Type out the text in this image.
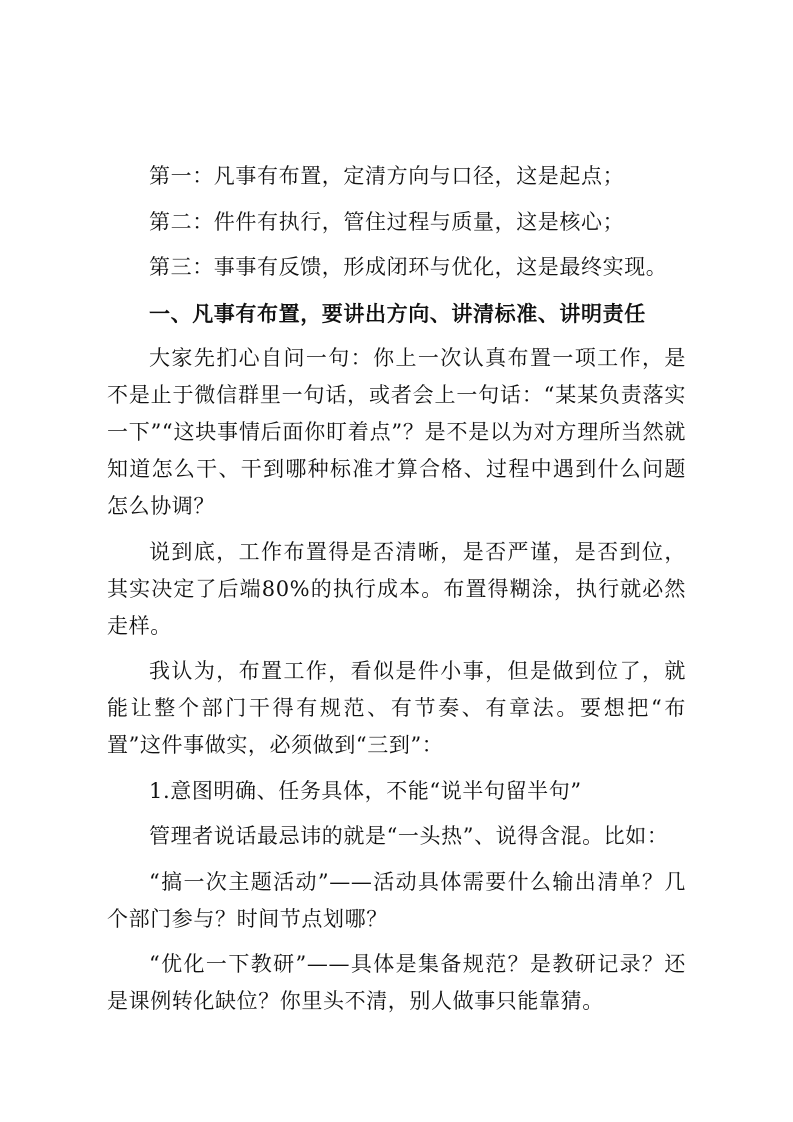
第一：凡事有布置，定清方向与口径，这是起点；

第二：件件有执行，管住过程与质量，这是核心；

第三：事事有反馈，形成闭环与优化，这是最终实现。

一、凡事有布置，要讲出方向、讲清标准、讲明责任

大家先扪心自问一句：你上一次认真布置一项工作，是不是止于微信群里一句话，或者会上一句话：“某某负责落实一下”“这块事情后面你盯着点”？是不是以为对方理所当然就知道怎么干、干到哪种标准才算合格、过程中遇到什么问题怎么协调？

说到底，工作布置得是否清晰，是否严谨，是否到位，其实决定了后端80%的执行成本。布置得糊涂，执行就必然走样。

我认为，布置工作，看似是件小事，但是做到位了，就能让整个部门干得有规范、有节奏、有章法。要想把“布置”这件事做实，必须做到“三到”：

1.意图明确、任务具体，不能“说半句留半句”

管理者说话最忌讳的就是“一头热”、说得含混。比如：

“搞一次主题活动”——活动具体需要什么输出清单？几个部门参与？时间节点划哪？

“优化一下教研”——具体是集备规范？是教研记录？还是课例转化缺位？你里头不清，别人做事只能靠猜。
